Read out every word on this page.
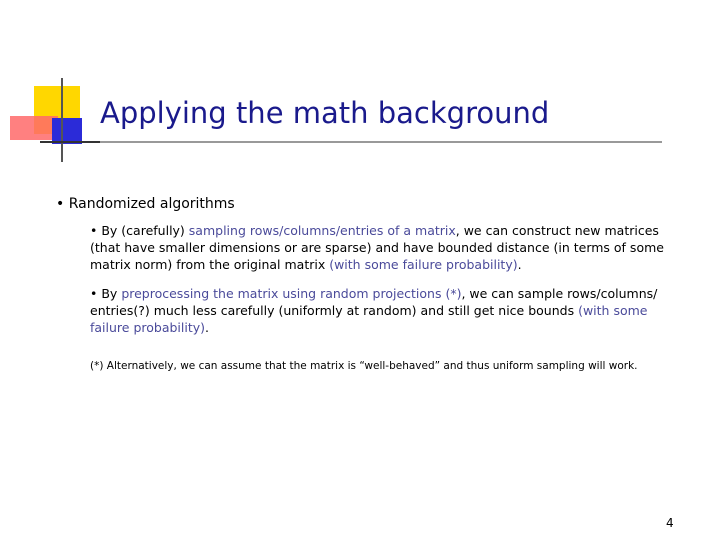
Applying the math background
• Randomized algorithms
• By (carefully) sampling rows/columns/entries of a matrix, we can construct new matrices (that have smaller dimensions or are sparse) and have bounded distance (in terms of some matrix norm) from the original matrix (with some failure probability).
• By preprocessing the matrix using random projections (*), we can sample rows/columns/ entries(?) much less carefully (uniformly at random) and still get nice bounds (with some failure probability).
(*) Alternatively, we can assume that the matrix is “well-behaved” and thus uniform sampling will work.
4
